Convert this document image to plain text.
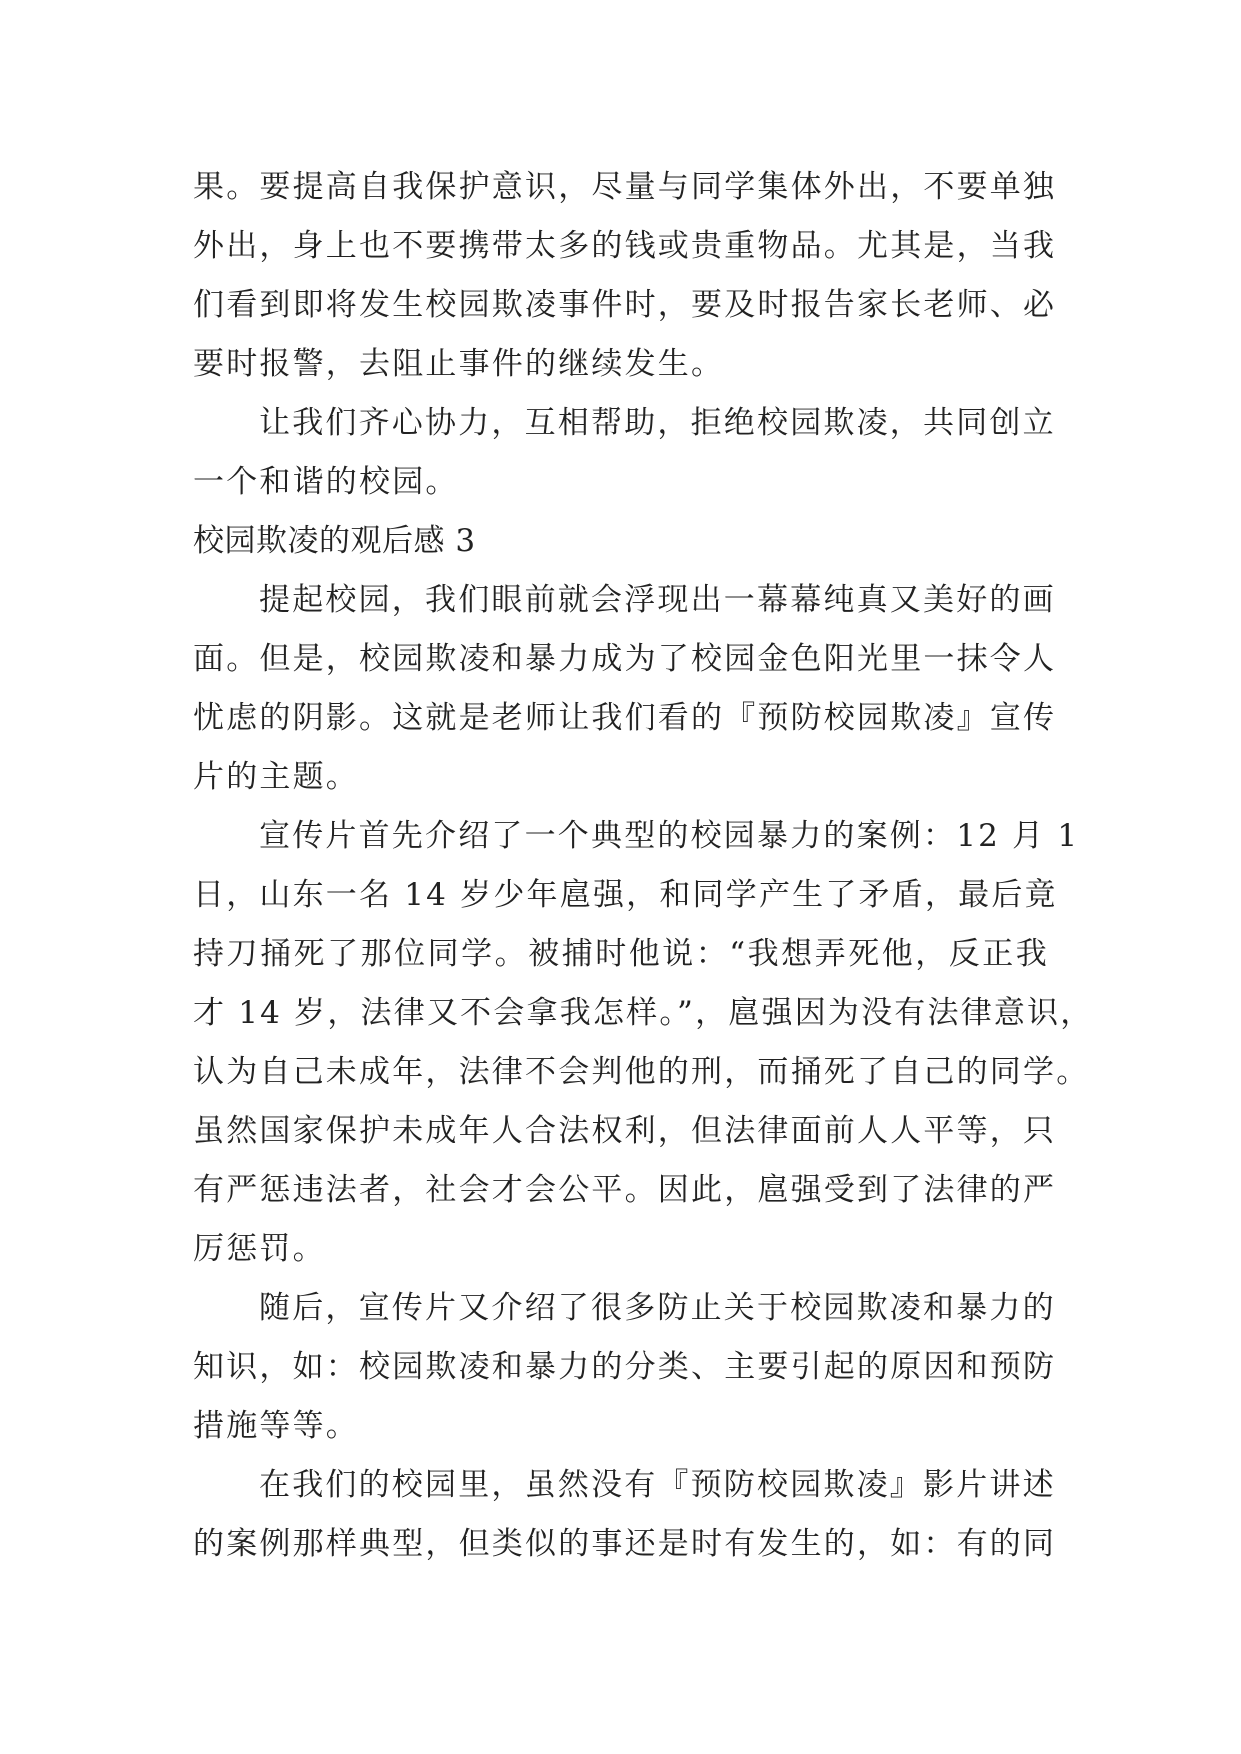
果。要提高自我保护意识，尽量与同学集体外出，不要单独
外出，身上也不要携带太多的钱或贵重物品。尤其是，当我
们看到即将发生校园欺凌事件时，要及时报告家长老师、必
要时报警，去阻止事件的继续发生。
让我们齐心协力，互相帮助，拒绝校园欺凌，共同创立
一个和谐的校园。
校园欺凌的观后感 3
提起校园，我们眼前就会浮现出一幕幕纯真又美好的画
面。但是，校园欺凌和暴力成为了校园金色阳光里一抹令人
忧虑的阴影。这就是老师让我们看的『预防校园欺凌』宣传
片的主题。
宣传片首先介绍了一个典型的校园暴力的案例：12 月 1
日，山东一名 14 岁少年扈强，和同学产生了矛盾，最后竟
持刀捅死了那位同学。被捕时他说：“我想弄死他，反正我
才 14 岁，法律又不会拿我怎样。”，扈强因为没有法律意识，
认为自己未成年，法律不会判他的刑，而捅死了自己的同学。
虽然国家保护未成年人合法权利，但法律面前人人平等，只
有严惩违法者，社会才会公平。因此，扈强受到了法律的严
厉惩罚。
随后，宣传片又介绍了很多防止关于校园欺凌和暴力的
知识，如：校园欺凌和暴力的分类、主要引起的原因和预防
措施等等。
在我们的校园里，虽然没有『预防校园欺凌』影片讲述
的案例那样典型，但类似的事还是时有发生的，如：有的同
